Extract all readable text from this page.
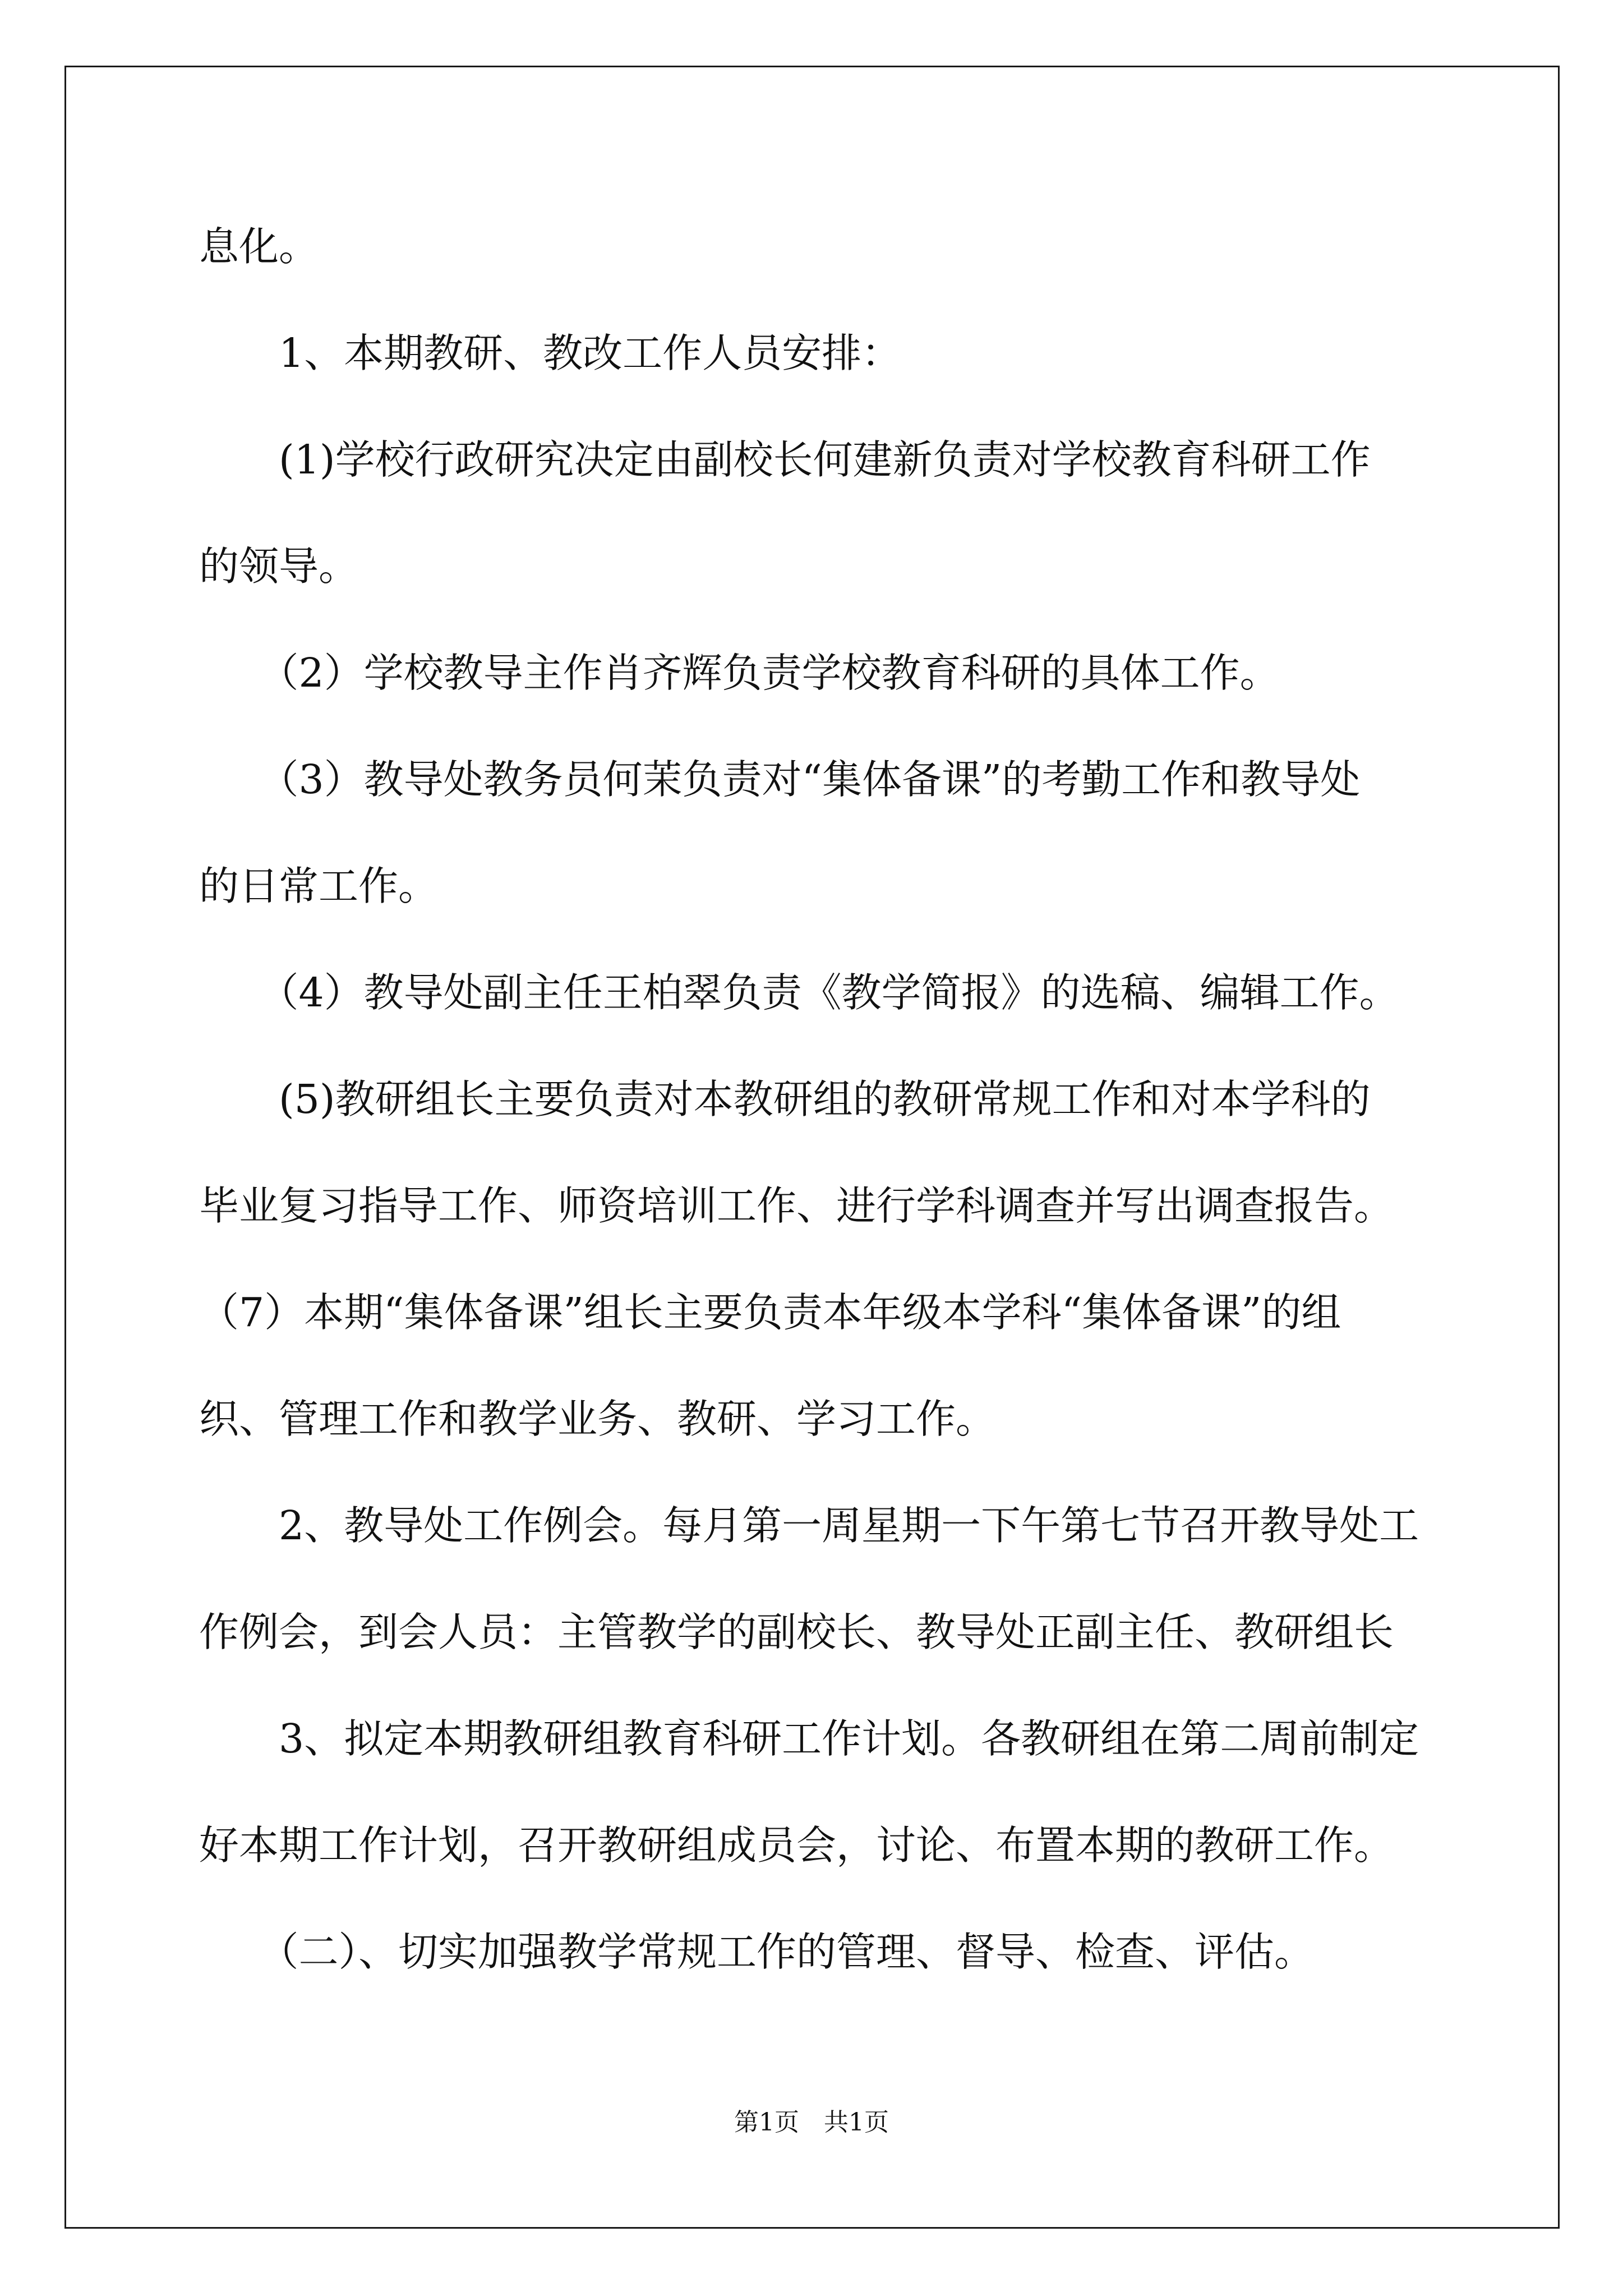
息化。
　　1、本期教研、教改工作人员安排：
　　(1)学校行政研究决定由副校长何建新负责对学校教育科研工作
的领导。
　　（2）学校教导主作肖齐辉负责学校教育科研的具体工作。
　　（3）教导处教务员何茉负责对“集体备课”的考勤工作和教导处
的日常工作。
　　（4）教导处副主任王柏翠负责《教学简报》的选稿、编辑工作。
　　(5)教研组长主要负责对本教研组的教研常规工作和对本学科的
毕业复习指导工作、师资培训工作、进行学科调查并写出调查报告。
（7）本期“集体备课”组长主要负责本年级本学科“集体备课”的组
织、管理工作和教学业务、教研、学习工作。
　　2、教导处工作例会。每月第一周星期一下午第七节召开教导处工
作例会，到会人员：主管教学的副校长、教导处正副主任、教研组长
　　3、拟定本期教研组教育科研工作计划。各教研组在第二周前制定
好本期工作计划，召开教研组成员会，讨论、布置本期的教研工作。
　　（二）、切实加强教学常规工作的管理、督导、检查、评估。
第1页　共1页
